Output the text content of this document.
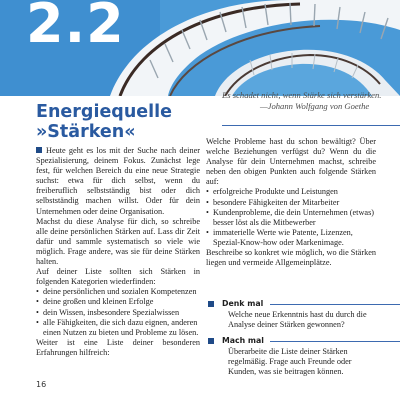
2.2
Energiequelle
»Stärken«
Es schadet nicht, wenn Stärke sich verstärken.
—Johann Wolfgang von Goethe

Heute geht es los mit der Suche nach deiner Spezialisierung, deinem Fokus. Zunächst lege fest, für welchen Bereich du eine neue Strategie suchst: etwa für dich selbst, wenn du freiberuflich selbstständig bist oder dich selbstständig machen willst. Oder für dein Unternehmen oder deine Organisation.

Machst du diese Analyse für dich, so schreibe alle deine persönlichen Stärken auf. Lass dir Zeit dafür und sammle systematisch so viele wie möglich. Frage andere, was sie für deine Stärken halten.

Auf deiner Liste sollten sich Stärken in folgenden Kategorien wiederfinden:

• deine persönlichen und sozialen Kompetenzen
• deine großen und kleinen Erfolge
• dein Wissen, insbesondere Spezialwissen
• alle Fähigkeiten, die sich dazu eignen, anderen einen Nutzen zu bieten und Probleme zu lösen.

Weiter ist eine Liste deiner besonderen Erfahrungen hilfreich:

Welche Probleme hast du schon bewältigt? Über welche Beziehungen verfügst du? Wenn du die Analyse für dein Unternehmen machst, schreibe neben den obigen Punkten auch folgende Stärken auf:

• erfolgreiche Produkte und Leistungen
• besondere Fähigkeiten der Mitarbeiter
• Kundenprobleme, die dein Unternehmen (etwas) besser löst als die Mitbewerber
• immaterielle Werte wie Patente, Lizenzen, Spezial-Know-how oder Markenimage.

Beschreibe so konkret wie möglich, wo die Stärken liegen und vermeide Allgemeinplätze.

Denk mal
Welche neue Erkenntnis hast du durch die Analyse deiner Stärken gewonnen?
Mach mal
Überarbeite die Liste deiner Stärken regelmäßig. Frage auch Freunde oder Kunden, was sie beitragen können.
16
